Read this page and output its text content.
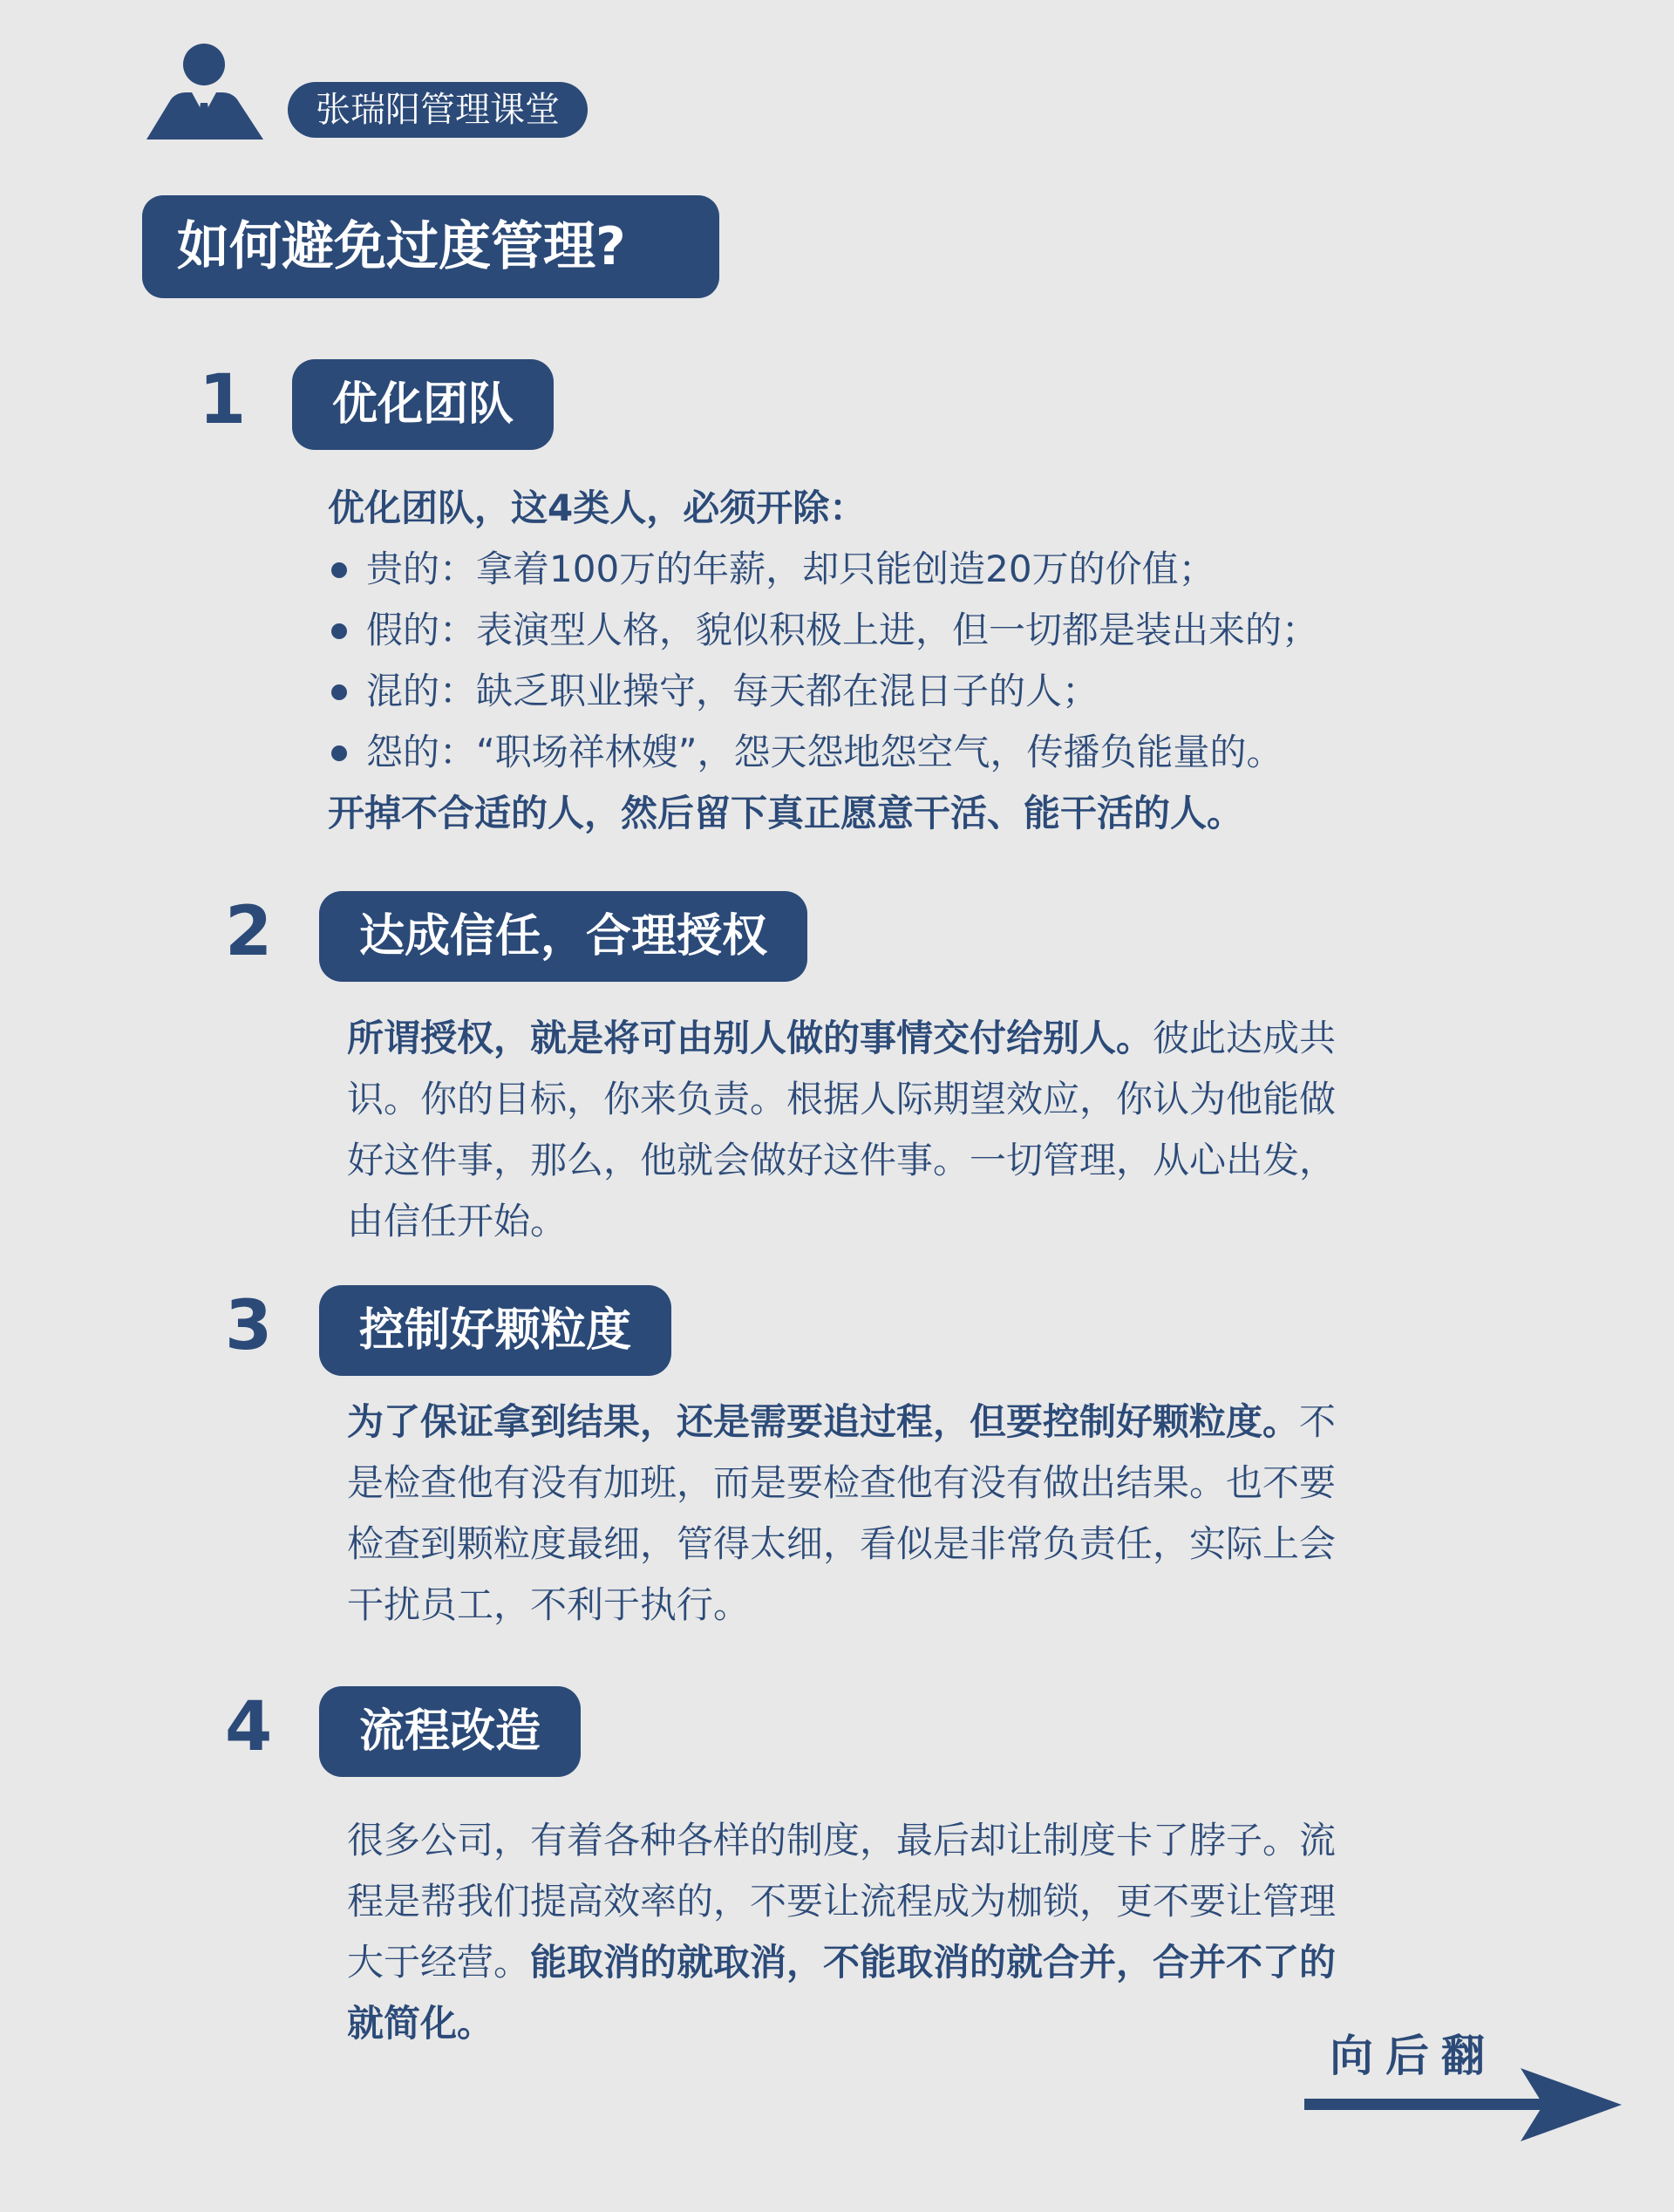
张瑞阳管理课堂
如何避免过度管理?
1	优化团队
优化团队，这4类人，必须开除：
贵的：拿着100万的年薪，却只能创造20万的价值；
假的：表演型人格，貌似积极上进，但一切都是装出来的；
混的：缺乏职业操守，每天都在混日子的人；
怨的：“职场祥林嫂”，怨天怨地怨空气，传播负能量的。
开掉不合适的人，然后留下真正愿意干活、能干活的人。
2	达成信任，合理授权
所谓授权，就是将可由别人做的事情交付给别人。彼此达成共
识。你的目标，你来负责。根据人际期望效应，你认为他能做
好这件事，那么，他就会做好这件事。一切管理，从心出发，
由信任开始。
3	控制好颗粒度
为了保证拿到结果，还是需要追过程，但要控制好颗粒度。不
是检查他有没有加班，而是要检查他有没有做出结果。也不要
检查到颗粒度最细，管得太细，看似是非常负责任，实际上会
干扰员工，不利于执行。
4	流程改造
很多公司，有着各种各样的制度，最后却让制度卡了脖子。流
程是帮我们提高效率的，不要让流程成为枷锁，更不要让管理
大于经营。能取消的就取消，不能取消的就合并，合并不了的
就简化。
向后翻
